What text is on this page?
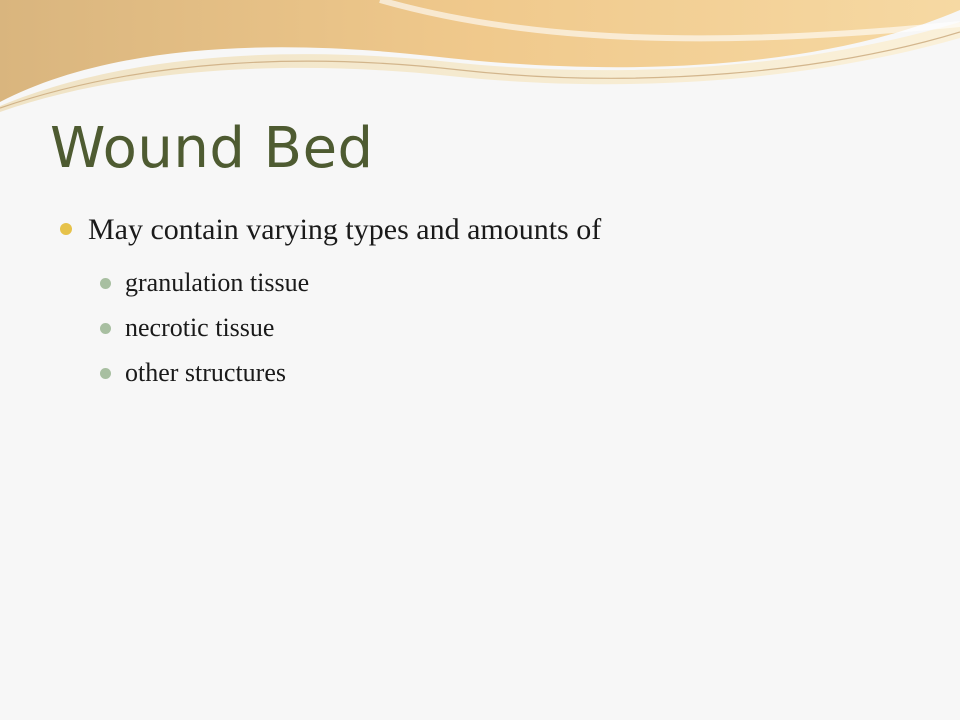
Wound Bed
May contain varying types and amounts of
granulation tissue
necrotic tissue
other structures
